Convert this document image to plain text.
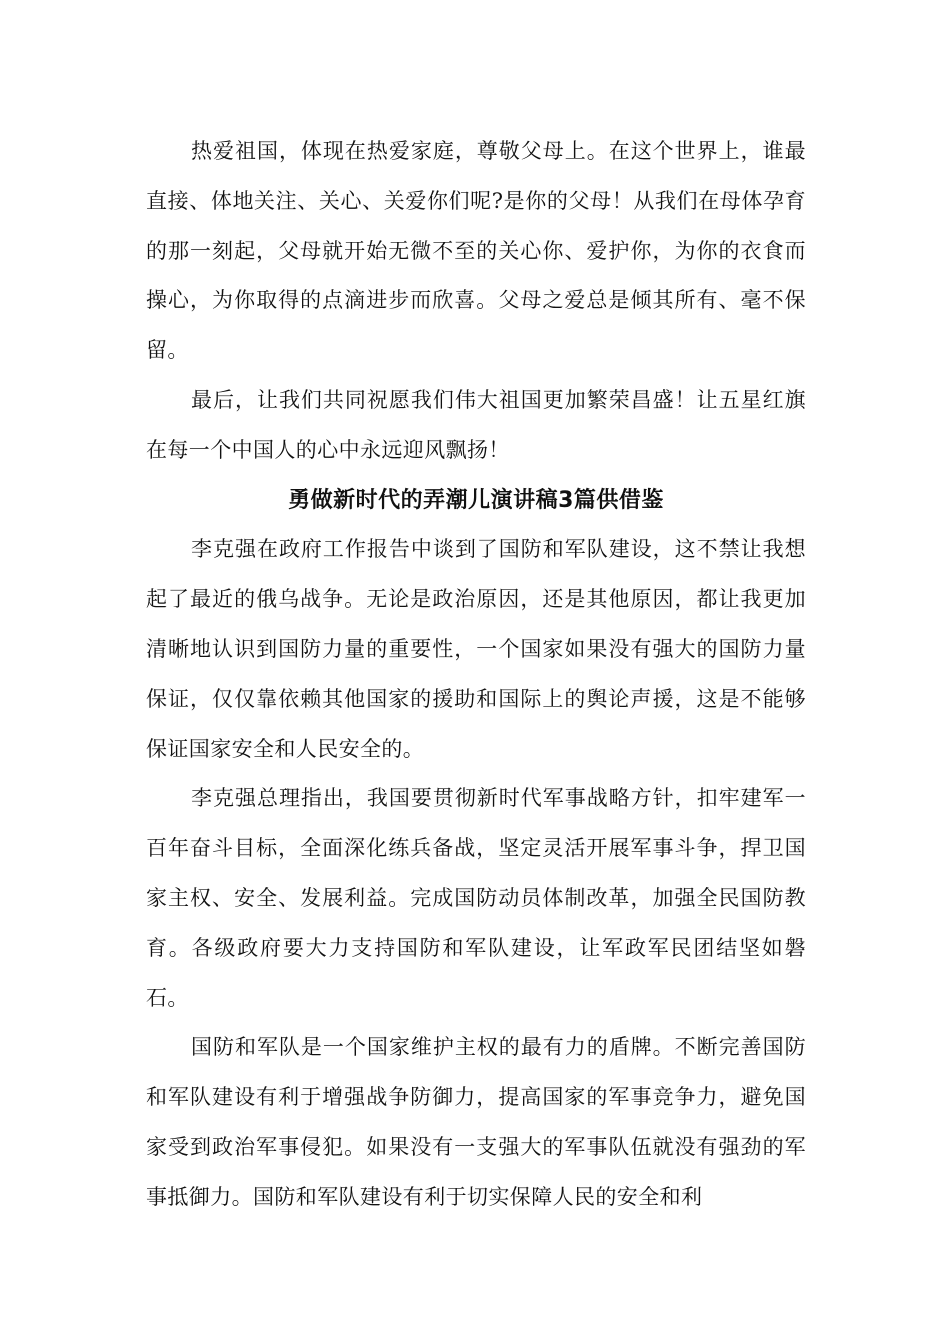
热爱祖国，体现在热爱家庭，尊敬父母上。在这个世界上，谁最直接、体地关注、关心、关爱你们呢?是你的父母！从我们在母体孕育的那一刻起，父母就开始无微不至的关心你、爱护你，为你的衣食而操心，为你取得的点滴进步而欣喜。父母之爱总是倾其所有、毫不保留。

最后，让我们共同祝愿我们伟大祖国更加繁荣昌盛！让五星红旗在每一个中国人的心中永远迎风飘扬！

勇做新时代的弄潮儿演讲稿3篇供借鉴

李克强在政府工作报告中谈到了国防和军队建设，这不禁让我想起了最近的俄乌战争。无论是政治原因，还是其他原因，都让我更加清晰地认识到国防力量的重要性，一个国家如果没有强大的国防力量保证，仅仅靠依赖其他国家的援助和国际上的舆论声援，这是不能够保证国家安全和人民安全的。

李克强总理指出，我国要贯彻新时代军事战略方针，扣牢建军一百年奋斗目标，全面深化练兵备战，坚定灵活开展军事斗争，捍卫国家主权、安全、发展利益。完成国防动员体制改革，加强全民国防教育。各级政府要大力支持国防和军队建设，让军政军民团结坚如磐石。

国防和军队是一个国家维护主权的最有力的盾牌。不断完善国防和军队建设有利于增强战争防御力，提高国家的军事竞争力，避免国家受到政治军事侵犯。如果没有一支强大的军事队伍就没有强劲的军事抵御力。国防和军队建设有利于切实保障人民的安全和利
